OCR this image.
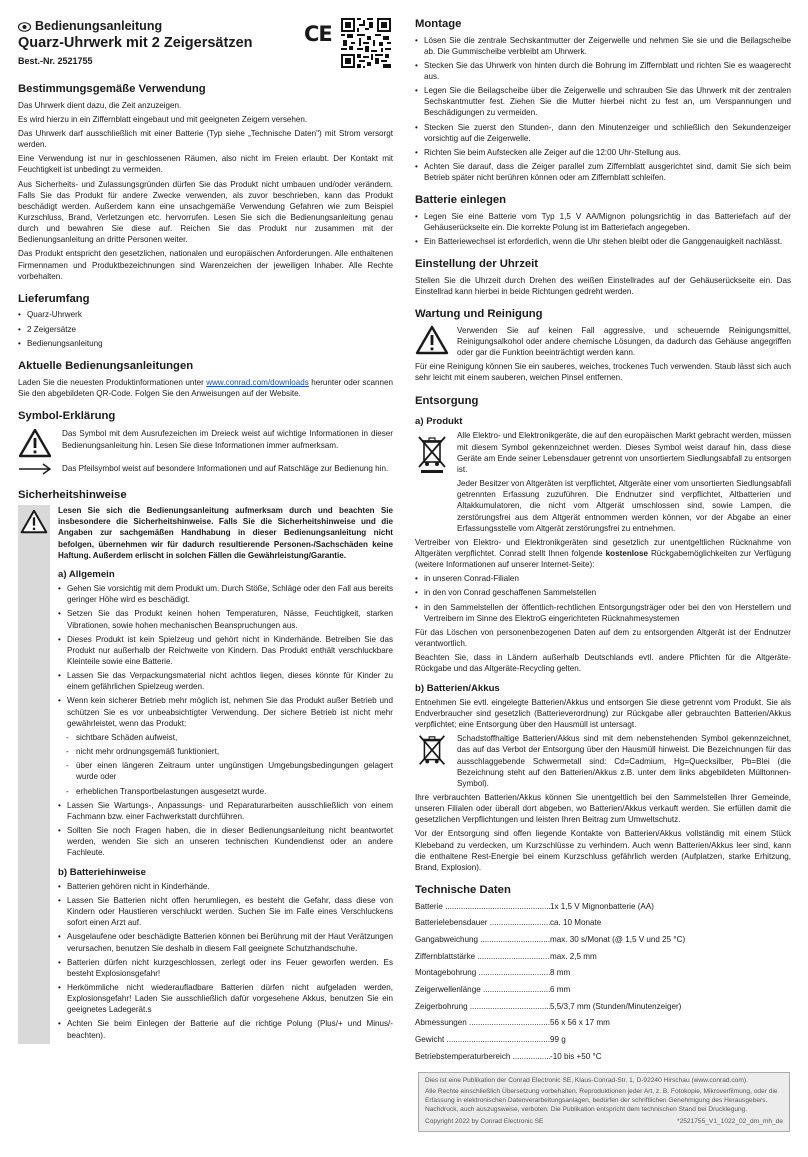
Bedienungsanleitung
Quarz-Uhrwerk mit 2 Zeigersätzen
Best.-Nr. 2521755
CE
Bestimmungsgemäße Verwendung

Das Uhrwerk dient dazu, die Zeit anzuzeigen.

Es wird hierzu in ein Ziffernblatt eingebaut und mit geeigneten Zeigern versehen.

Das Uhrwerk darf ausschließlich mit einer Batterie (Typ siehe „Technische Daten") mit Strom versorgt werden.

Eine Verwendung ist nur in geschlossenen Räumen, also nicht im Freien erlaubt. Der Kontakt mit Feuchtigkeit ist unbedingt zu vermeiden.

Aus Sicherheits- und Zulassungsgründen dürfen Sie das Produkt nicht umbauen und/oder verändern. Falls Sie das Produkt für andere Zwecke verwenden, als zuvor beschrieben, kann das Produkt beschädigt werden. Außerdem kann eine unsachgemäße Verwendung Gefahren wie zum Beispiel Kurzschluss, Brand, Verletzungen etc. hervorrufen. Lesen Sie sich die Bedienungsanleitung genau durch und bewahren Sie diese auf. Reichen Sie das Produkt nur zusammen mit der Bedienungsanleitung an dritte Personen weiter.

Das Produkt entspricht den gesetzlichen, nationalen und europäischen Anforderungen. Alle enthaltenen Firmennamen und Produktbezeichnungen sind Warenzeichen der jeweiligen Inhaber. Alle Rechte vorbehalten.

Lieferumfang
• Quarz-Uhrwerk
• 2 Zeigersätze
• Bedienungsanleitung
Aktuelle Bedienungsanleitungen

Laden Sie die neuesten Produktinformationen unter www.conrad.com/downloads herunter oder scannen Sie den abgebildeten QR-Code. Folgen Sie den Anweisungen auf der Website.

Symbol-Erklärung

Das Symbol mit dem Ausrufezeichen im Dreieck weist auf wichtige Informationen in dieser Bedienungsanleitung hin. Lesen Sie diese Informationen immer aufmerksam.

Das Pfeilsymbol weist auf besondere Informationen und auf Ratschläge zur Bedienung hin.

Sicherheitshinweise

Lesen Sie sich die Bedienungsanleitung aufmerksam durch und beachten Sie insbesondere die Sicherheitshinweise. Falls Sie die Sicherheitshinweise und die Angaben zur sachgemäßen Handhabung in dieser Bedienungsanleitung nicht befolgen, übernehmen wir für dadurch resultierende Personen-/Sachschäden keine Haftung. Außerdem erlischt in solchen Fällen die Gewährleistung/Garantie.

a) Allgemein
• Gehen Sie vorsichtig mit dem Produkt um. Durch Stöße, Schläge oder den Fall aus bereits geringer Höhe wird es beschädigt.
• Setzen Sie das Produkt keinen hohen Temperaturen, Nässe, Feuchtigkeit, starken Vibrationen, sowie hohen mechanischen Beanspruchungen aus.
• Dieses Produkt ist kein Spielzeug und gehört nicht in Kinderhände. Betreiben Sie das Produkt nur außerhalb der Reichweite von Kindern. Das Produkt enthält verschluckbare Kleinteile sowie eine Batterie.
• Lassen Sie das Verpackungsmaterial nicht achtlos liegen, dieses könnte für Kinder zu einem gefährlichen Spielzeug werden.
• Wenn kein sicherer Betrieb mehr möglich ist, nehmen Sie das Produkt außer Betrieb und schützen Sie es vor unbeabsichtigter Verwendung. Der sichere Betrieb ist nicht mehr gewährleistet, wenn das Produkt:
- sichtbare Schäden aufweist,
- nicht mehr ordnungsgemäß funktioniert,
- über einen längeren Zeitraum unter ungünstigen Umgebungsbedingungen gelagert wurde oder
- erheblichen Transportbelastungen ausgesetzt wurde.
• Lassen Sie Wartungs-, Anpassungs- und Reparaturarbeiten ausschließlich von einem Fachmann bzw. einer Fachwerkstatt durchführen.
• Sollten Sie noch Fragen haben, die in dieser Bedienungsanleitung nicht beantwortet werden, wenden Sie sich an unseren technischen Kundendienst oder an andere Fachleute.
b) Batteriehinweise
• Batterien gehören nicht in Kinderhände.
• Lassen Sie Batterien nicht offen herumliegen, es besteht die Gefahr, dass diese von Kindern oder Haustieren verschluckt werden. Suchen Sie im Falle eines Verschluckens sofort einen Arzt auf.
• Ausgelaufene oder beschädigte Batterien können bei Berührung mit der Haut Verätzungen verursachen, benutzen Sie deshalb in diesem Fall geeignete Schutzhandschuhe.
• Batterien dürfen nicht kurzgeschlossen, zerlegt oder ins Feuer geworfen werden. Es besteht Explosionsgefahr!
• Herkömmliche nicht wiederaufladbare Batterien dürfen nicht aufgeladen werden, Explosionsgefahr! Laden Sie ausschließlich dafür vorgesehene Akkus, benutzen Sie ein geeignetes Ladegerät.s
• Achten Sie beim Einlegen der Batterie auf die richtige Polung (Plus/+ und Minus/- beachten).
Montage
• Lösen Sie die zentrale Sechskantmutter der Zeigerwelle und nehmen Sie sie und die Beilagscheibe ab. Die Gummischeibe verbleibt am Uhrwerk.
• Stecken Sie das Uhrwerk von hinten durch die Bohrung im Ziffernblatt und richten Sie es waagerecht aus.
• Legen Sie die Beilagscheibe über die Zeigerwelle und schrauben Sie das Uhrwerk mit der zentralen Sechskantmutter fest. Ziehen Sie die Mutter hierbei nicht zu fest an, um Verspannungen und Beschädigungen zu vermeiden.
• Stecken Sie zuerst den Stunden-, dann den Minutenzeiger und schließlich den Sekundenzeiger vorsichtig auf die Zeigerwelle.
• Richten Sie beim Aufstecken alle Zeiger auf die 12:00 Uhr-Stellung aus.
• Achten Sie darauf, dass die Zeiger parallel zum Ziffernblatt ausgerichtet sind, damit Sie sich beim Betrieb später nicht berühren können oder am Ziffernblatt schleifen.
Batterie einlegen
• Legen Sie eine Batterie vom Typ 1,5 V AA/Mignon polungsrichtig in das Batteriefach auf der Gehäuserückseite ein. Die korrekte Polung ist im Batteriefach angegeben.
• Ein Batteriewechsel ist erforderlich, wenn die Uhr stehen bleibt oder die Ganggenauigkeit nachlässt.
Einstellung der Uhrzeit

Stellen Sie die Uhrzeit durch Drehen des weißen Einstellrades auf der Gehäuserückseite ein. Das Einstellrad kann hierbei in beide Richtungen gedreht werden.

Wartung und Reinigung

Verwenden Sie auf keinen Fall aggressive, und scheuernde Reinigungsmittel, Reinigungsalkohol oder andere chemische Lösungen, da dadurch das Gehäuse angegriffen oder gar die Funktion beeinträchtigt werden kann.

Für eine Reinigung können Sie ein sauberes, weiches, trockenes Tuch verwenden. Staub lässt sich auch sehr leicht mit einem sauberen, weichen Pinsel entfernen.

Entsorgung
a) Produkt

Alle Elektro- und Elektronikgeräte, die auf den europäischen Markt gebracht werden, müssen mit diesem Symbol gekennzeichnet werden. Dieses Symbol weist darauf hin, dass diese Geräte am Ende seiner Lebensdauer getrennt von unsortiertem Siedlungsabfall zu entsorgen ist.

Jeder Besitzer von Altgeräten ist verpflichtet, Altgeräte einer vom unsortierten Siedlungsabfall getrennten Erfassung zuzuführen. Die Endnutzer sind verpflichtet, Altbatterien und Altakkumulatoren, die nicht vom Altgerät umschlossen sind, sowie Lampen, die zerstörungsfrei aus dem Altgerät entnommen werden können, vor der Abgabe an einer Erfassungsstelle vom Altgerät zerstörungsfrei zu entnehmen.

Vertreiber von Elektro- und Elektronikgeräten sind gesetzlich zur unentgeltlichen Rücknahme von Altgeräten verpflichtet. Conrad stellt Ihnen folgende kostenlose Rückgabemöglichkeiten zur Verfügung (weitere Informationen auf unserer Internet-Seite):

• in unseren Conrad-Filialen
• in den von Conrad geschaffenen Sammelstellen
• in den Sammelstellen der öffentlich-rechtlichen Entsorgungsträger oder bei den von Herstellern und Vertreibern im Sinne des ElektroG eingerichteten Rücknahmesystemen

Für das Löschen von personenbezogenen Daten auf dem zu entsorgenden Altgerät ist der Endnutzer verantwortlich.

Beachten Sie, dass in Ländern außerhalb Deutschlands evtl. andere Pflichten für die Altgeräte-Rückgabe und das Altgeräte-Recycling gelten.

b) Batterien/Akkus

Entnehmen Sie evtl. eingelegte Batterien/Akkus und entsorgen Sie diese getrennt vom Produkt. Sie als Endverbraucher sind gesetzlich (Batterieverordnung) zur Rückgabe aller gebrauchten Batterien/Akkus verpflichtet; eine Entsorgung über den Hausmüll ist untersagt.

Schadstoffhaltige Batterien/Akkus sind mit dem nebenstehenden Symbol gekennzeichnet, das auf das Verbot der Entsorgung über den Hausmüll hinweist. Die Bezeichnungen für das ausschlaggebende Schwermetall sind: Cd=Cadmium, Hg=Quecksilber, Pb=Blei (die Bezeichnung steht auf den Batterien/Akkus z.B. unter dem links abgebildeten Mülltonnen-Symbol).

Ihre verbrauchten Batterien/Akkus können Sie unentgeltlich bei den Sammelstellen Ihrer Gemeinde, unseren Filialen oder überall dort abgeben, wo Batterien/Akkus verkauft werden. Sie erfüllen damit die gesetzlichen Verpflichtungen und leisten Ihren Beitrag zum Umweltschutz.

Vor der Entsorgung sind offen liegende Kontakte von Batterien/Akkus vollständig mit einem Stück Klebeband zu verdecken, um Kurzschlüsse zu verhindern. Auch wenn Batterien/Akkus leer sind, kann die enthaltene Rest-Energie bei einem Kurzschluss gefährlich werden (Aufplatzen, starke Erhitzung, Brand, Explosion).

Technische Daten
Batterie .....	1x 1,5 V Mignonbatterie (AA)
Batterielebensdauer .....	ca. 10 Monate
Gangabweichung .....	max. 30 s/Monat (@ 1,5 V und 25 °C)
Ziffernblattstärke .....	max. 2,5 mm
Montagebohrung .....	8 mm
Zeigerwellenlänge .....	6 mm
Zeigerbohrung .....	5,5/3,7 mm (Stunden/Minutenzeiger)
Abmessungen .....	56 x 56 x 17 mm
Gewicht .....	99 g
Betriebstemperaturbereich .....	-10 bis +50 °C
Dies ist eine Publikation der Conrad Electronic SE, Klaus-Conrad-Str. 1, D-92240 Hirschau (www.conrad.com).
Alle Rechte einschließlich Übersetzung vorbehalten. Reproduktionen jeder Art, z. B. Fotokopie, Mikroverfilmung, oder die Erfassung in elektronischen Datenverarbeitungsanlagen, bedürfen der schriftlichen Genehmigung des Herausgebers. Nachdruck, auch auszugsweise, verboten. Die Publikation entspricht dem technischen Stand bei Drucklegung.
Copyright 2022 by Conrad Electronic SE	*2521755_V1_1022_02_dm_mh_de
